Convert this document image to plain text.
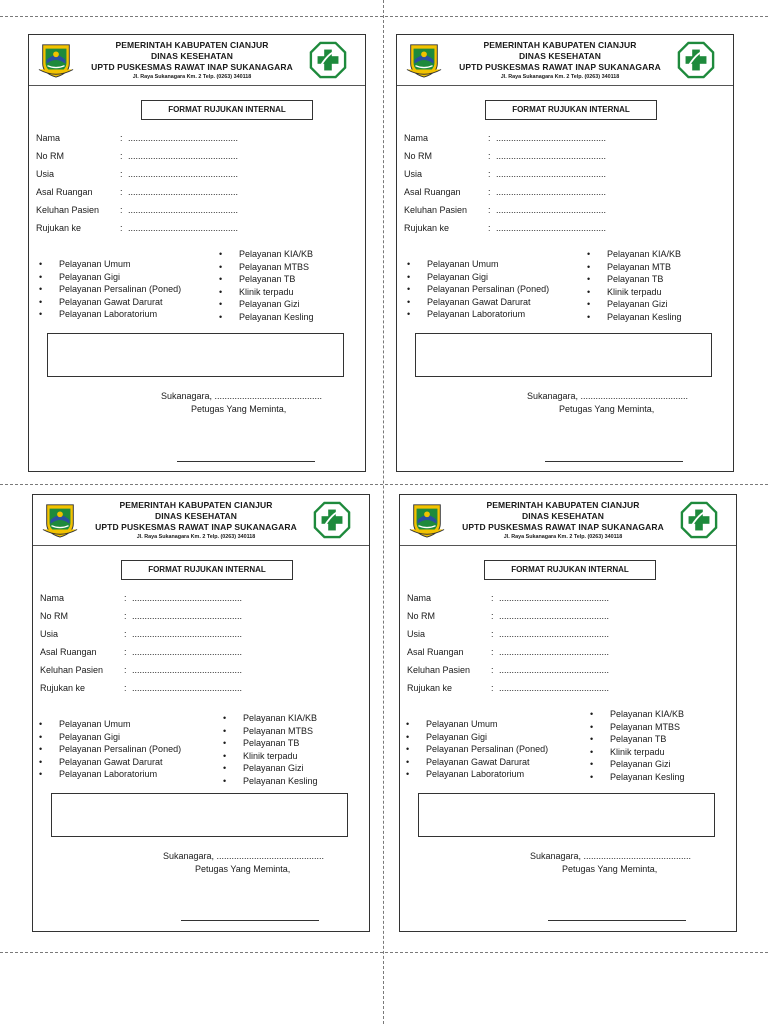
PEMERINTAH KABUPATEN CIANJUR
DINAS KESEHATAN
UPTD PUSKESMAS RAWAT INAP SUKANAGARA
Jl. Raya Sukanagara Km. 2 Telp. (0263) 340118
FORMAT RUJUKAN INTERNAL
Nama	: ............................................
No RM	: ............................................
Usia	: ............................................
Asal Ruangan	: ............................................
Keluhan Pasien : ............................................
Rujukan ke	: ............................................
• Pelayanan Umum
• Pelayanan Gigi
• Pelayanan Persalinan (Poned)
• Pelayanan Gawat Darurat
• Pelayanan Laboratorium
• Pelayanan KIA/KB
• Pelayanan MTBS
• Pelayanan TB
• Klinik terpadu
• Pelayanan Gizi
• Pelayanan Kesling
Sukanagara, ...........................................
Petugas Yang Meminta,
PEMERINTAH KABUPATEN CIANJUR
DINAS KESEHATAN
UPTD PUSKESMAS RAWAT INAP SUKANAGARA
Jl. Raya Sukanagara Km. 2 Telp. (0263) 340118
FORMAT RUJUKAN INTERNAL
Nama	: ............................................
No RM	: ............................................
Usia	: ............................................
Asal Ruangan	: ............................................
Keluhan Pasien : ............................................
Rujukan ke	: ............................................
• Pelayanan Umum
• Pelayanan Gigi
• Pelayanan Persalinan (Poned)
• Pelayanan Gawat Darurat
• Pelayanan Laboratorium
• Pelayanan KIA/KB
• Pelayanan MTB
• Pelayanan TB
• Klinik terpadu
• Pelayanan Gizi
• Pelayanan Kesling
Sukanagara, ...........................................
Petugas Yang Meminta,
PEMERINTAH KABUPATEN CIANJUR
DINAS KESEHATAN
UPTD PUSKESMAS RAWAT INAP SUKANAGARA
Jl. Raya Sukanagara Km. 2 Telp. (0263) 340118
FORMAT RUJUKAN INTERNAL
Nama	: ............................................
No RM	: ............................................
Usia	: ............................................
Asal Ruangan	: ............................................
Keluhan Pasien : ............................................
Rujukan ke	: ............................................
• Pelayanan Umum
• Pelayanan Gigi
• Pelayanan Persalinan (Poned)
• Pelayanan Gawat Darurat
• Pelayanan Laboratorium
• Pelayanan KIA/KB
• Pelayanan MTBS
• Pelayanan TB
• Klinik terpadu
• Pelayanan Gizi
• Pelayanan Kesling
Sukanagara, ...........................................
Petugas Yang Meminta,
PEMERINTAH KABUPATEN CIANJUR
DINAS KESEHATAN
UPTD PUSKESMAS RAWAT INAP SUKANAGARA
Jl. Raya Sukanagara Km. 2 Telp. (0263) 340118
FORMAT RUJUKAN INTERNAL
Nama	: ............................................
No RM	: ............................................
Usia	: ............................................
Asal Ruangan	: ............................................
Keluhan Pasien : ............................................
Rujukan ke	: ............................................
• Pelayanan Umum
• Pelayanan Gigi
• Pelayanan Persalinan (Poned)
• Pelayanan Gawat Darurat
• Pelayanan Laboratorium
• Pelayanan KIA/KB
• Pelayanan MTBS
• Pelayanan TB
• Klinik terpadu
• Pelayanan Gizi
• Pelayanan Kesling
Sukanagara, ...........................................
Petugas Yang Meminta,
